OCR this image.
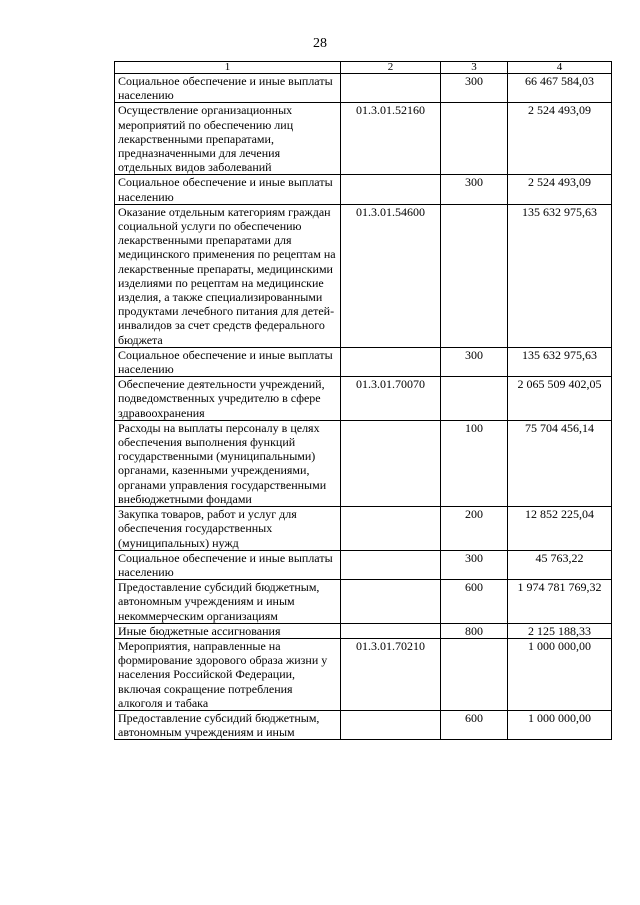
28
1	2	3	4
Социальное обеспечение и иные выплаты населению		300	66 467 584,03
Осуществление организационных мероприятий по обеспечению лиц лекарственными препаратами, предназначенными для лечения отдельных видов заболеваний	01.3.01.52160		2 524 493,09
Социальное обеспечение и иные выплаты населению		300	2 524 493,09
Оказание отдельным категориям граждан социальной услуги по обеспечению лекарственными препаратами для медицинского применения по рецептам на лекарственные препараты, медицинскими изделиями по рецептам на медицинские изделия, а также специализированными продуктами лечебного питания для детей-инвалидов за счет средств федерального бюджета	01.3.01.54600		135 632 975,63
Социальное обеспечение и иные выплаты населению		300	135 632 975,63
Обеспечение деятельности учреждений, подведомственных учредителю в сфере здравоохранения	01.3.01.70070		2 065 509 402,05
Расходы на выплаты персоналу в целях обеспечения выполнения функций государственными (муниципальными) органами, казенными учреждениями, органами управления государственными внебюджетными фондами		100	75 704 456,14
Закупка товаров, работ и услуг для обеспечения государственных (муниципальных) нужд		200	12 852 225,04
Социальное обеспечение и иные выплаты населению		300	45 763,22
Предоставление субсидий бюджетным, автономным учреждениям и иным некоммерческим организациям		600	1 974 781 769,32
Иные бюджетные ассигнования		800	2 125 188,33
Мероприятия, направленные на формирование здорового образа жизни у населения Российской Федерации, включая сокращение потребления алкоголя и табака	01.3.01.70210		1 000 000,00
Предоставление субсидий бюджетным, автономным учреждениям и иным		600	1 000 000,00
